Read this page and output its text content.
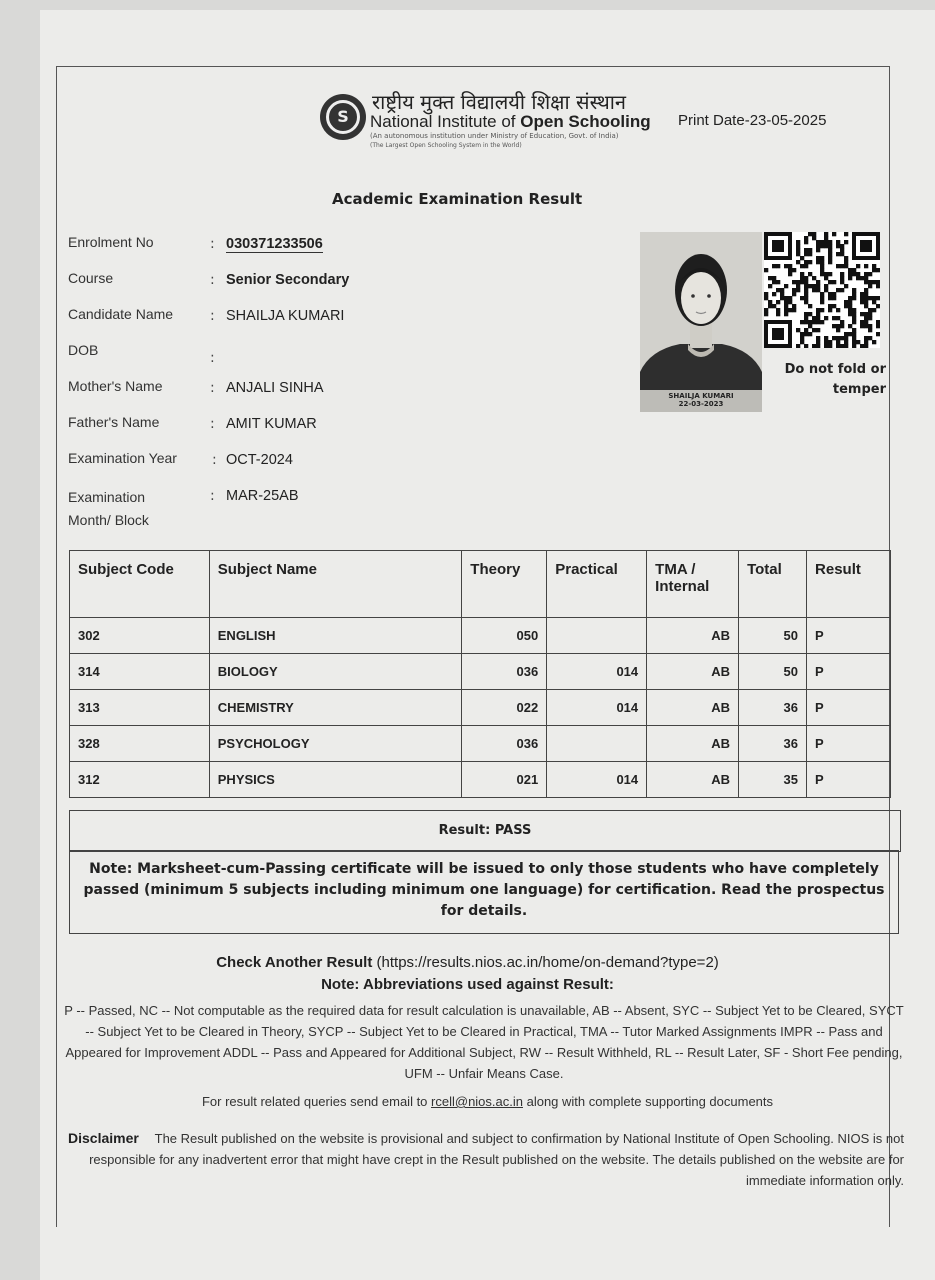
S
राष्ट्रीय मुक्त विद्यालयी शिक्षा संस्थान
National Institute of Open Schooling Print Date-23-05-2025
(An autonomous institution under Ministry of Education, Govt. of India)
(The Largest Open Schooling System in the World)
Academic Examination Result
Enrolment No	: 030371233506
Course	: Senior Secondary
Candidate Name	: SHAILJA KUMARI
DOB	:
Mother's Name	: ANJALI SINHA
Father's Name	: AMIT KUMAR
Examination Year	: OCT-2024
Examination Month/ Block
: MAR-25AB
SHAILJA KUMARI
22-03-2023
Do not fold or temper
Subject Code	Subject Name	Theory	Practical	TMA / Internal	Total	Result
302	ENGLISH	050		AB	50	P
314	BIOLOGY	036	014	AB	50	P
313	CHEMISTRY	022	014	AB	36	P
328	PSYCHOLOGY	036		AB	36	P
312	PHYSICS	021	014	AB	35	P
Result: PASS
Note: Marksheet-cum-Passing certificate will be issued to only those students who have completely passed (minimum 5 subjects including minimum one language) for certification. Read the prospectus for details.
Check Another Result (https://results.nios.ac.in/home/on-demand?type=2)
Note: Abbreviations used against Result:
P -- Passed, NC -- Not computable as the required data for result calculation is unavailable, AB -- Absent, SYC -- Subject Yet to be Cleared, SYCT -- Subject Yet to be Cleared in Theory, SYCP -- Subject Yet to be Cleared in Practical, TMA -- Tutor Marked Assignments IMPR -- Pass and Appeared for Improvement ADDL -- Pass and Appeared for Additional Subject, RW -- Result Withheld, RL -- Result Later, SF - Short Fee pending, UFM -- Unfair Means Case.
For result related queries send email to rcell@nios.ac.in along with complete supporting documents
Disclaimer The Result published on the website is provisional and subject to confirmation by National Institute of Open Schooling. NIOS is not responsible for any inadvertent error that might have crept in the Result published on the website. The details published on the website are for immediate information only.
